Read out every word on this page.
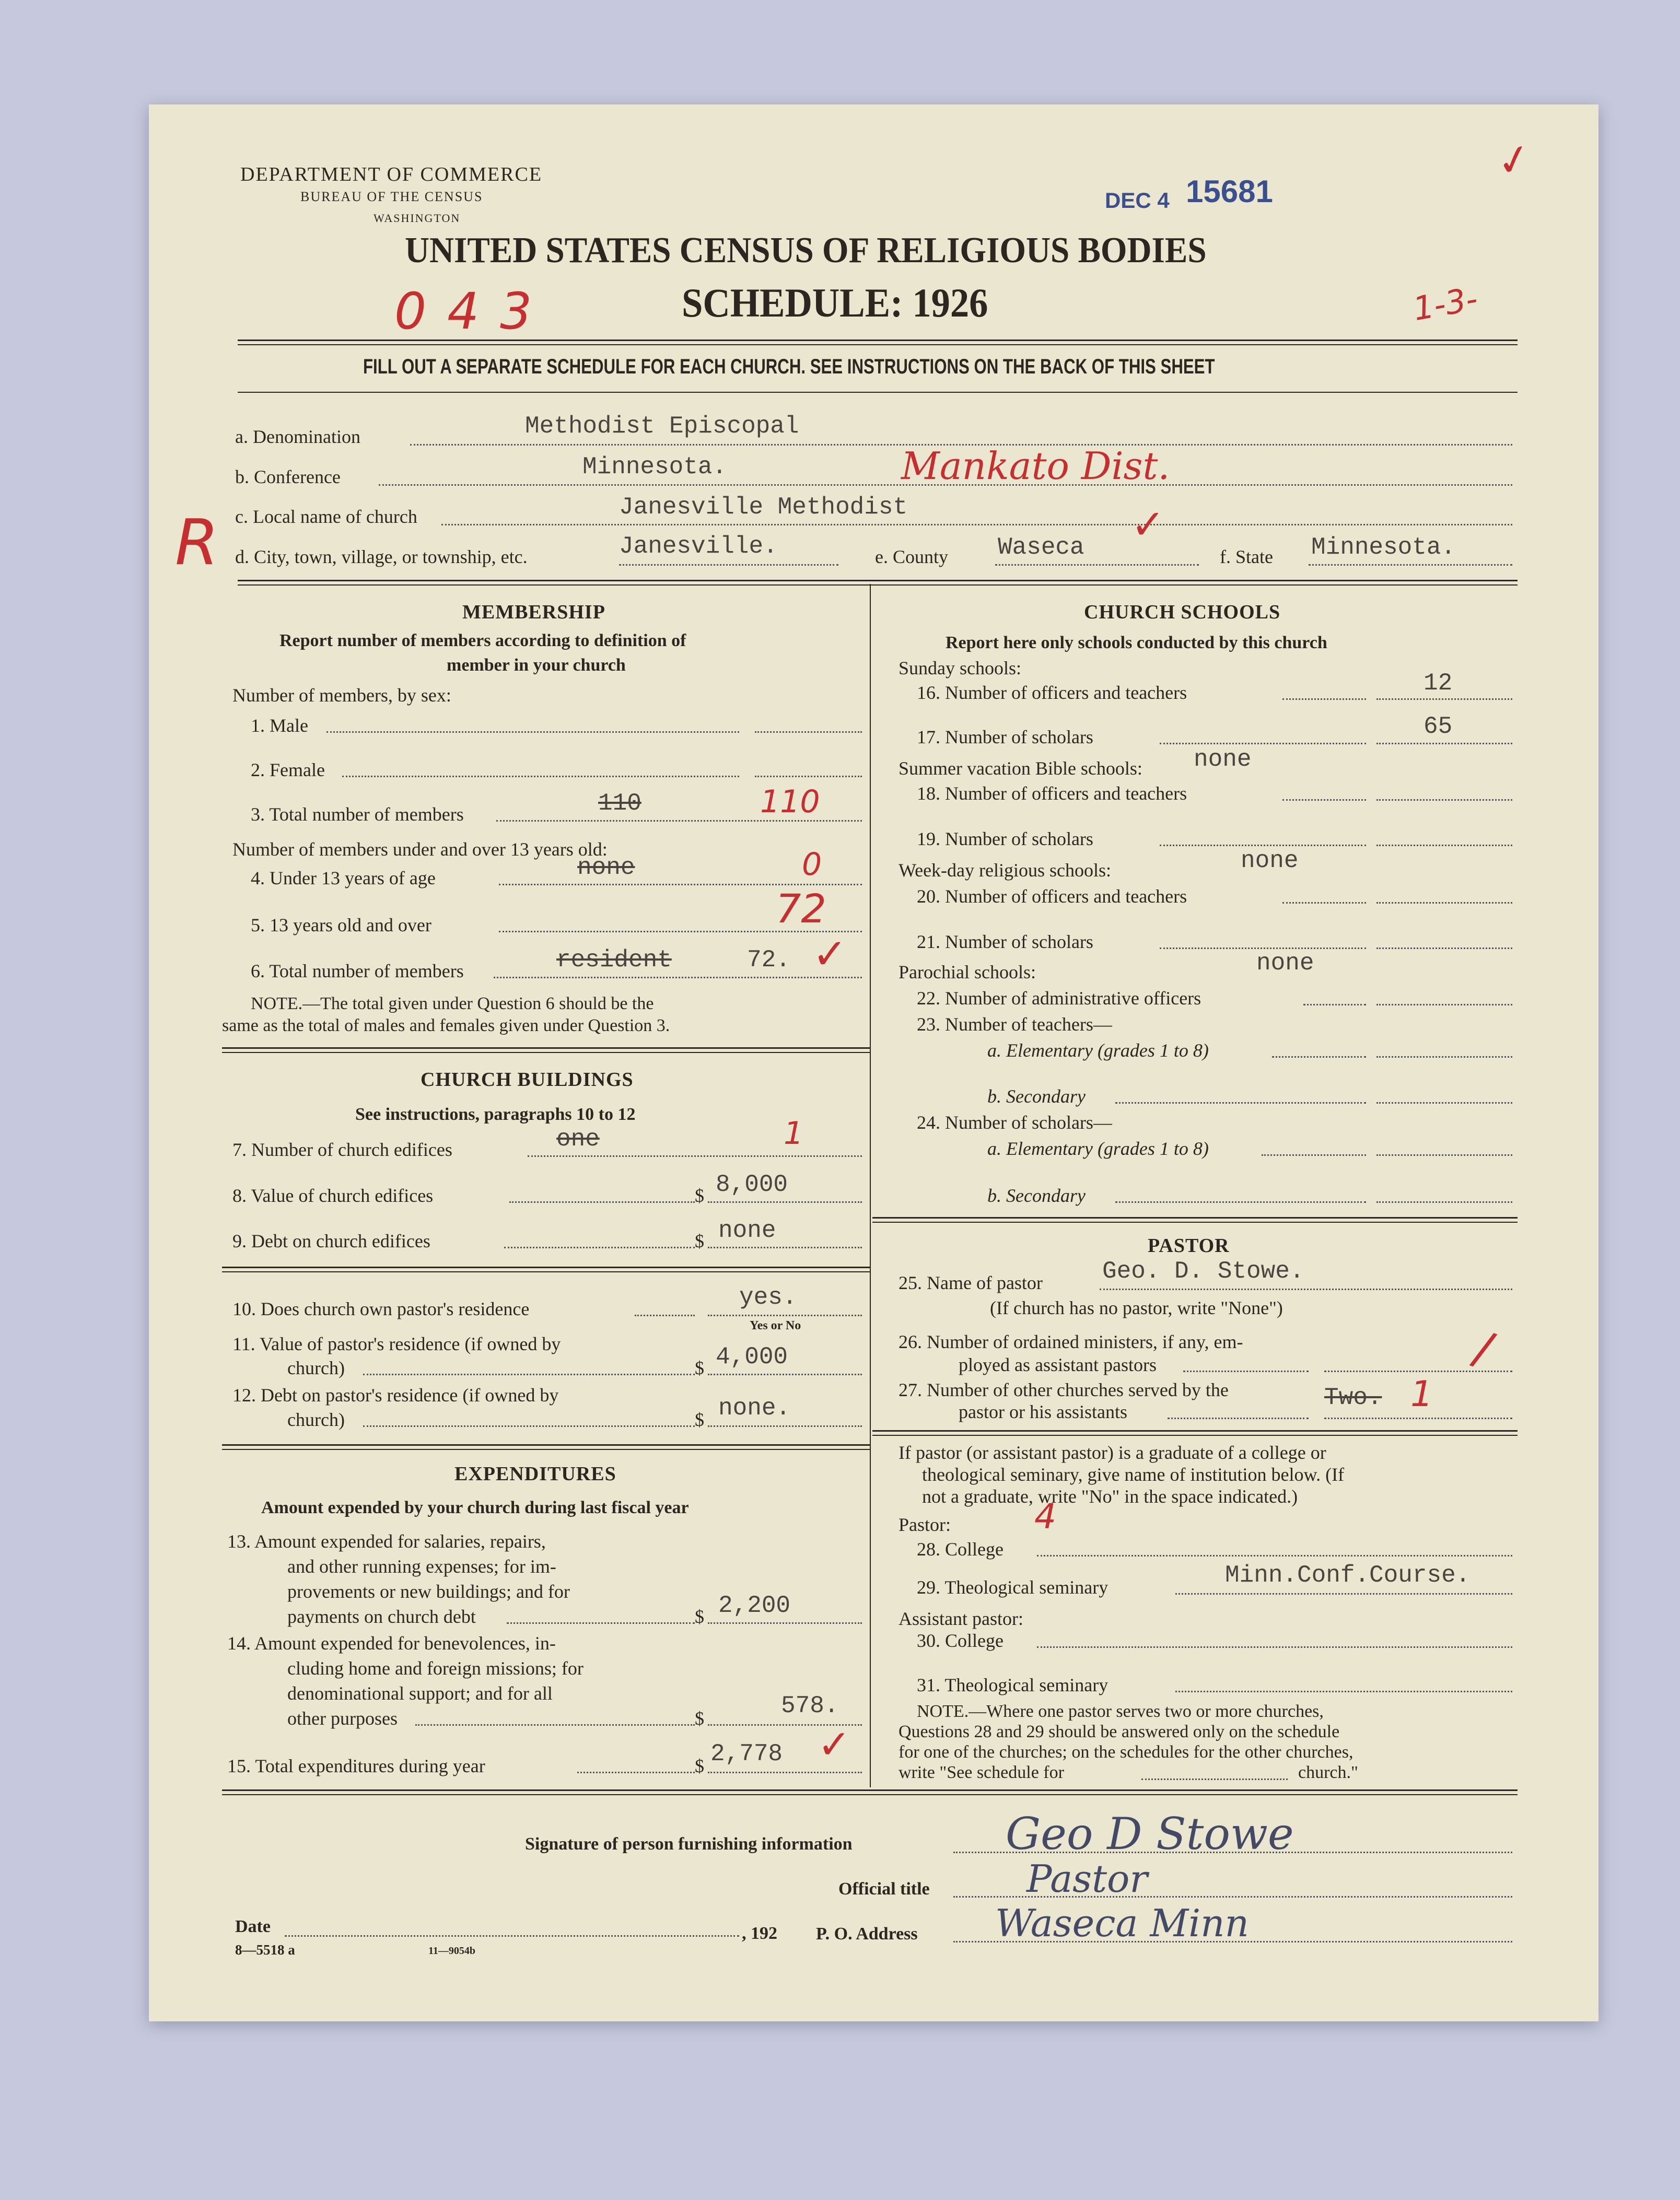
DEPARTMENT OF COMMERCE
BUREAU OF THE CENSUS
WASHINGTON
DEC 4 15681
✓
UNITED STATES CENSUS OF RELIGIOUS BODIES
SCHEDULE: 1926
043	1-3-
R
FILL OUT A SEPARATE SCHEDULE FOR EACH CHURCH. SEE INSTRUCTIONS ON THE BACK OF THIS SHEET
a. Denomination	Methodist Episcopal
b. Conference	Minnesota.	Mankato Dist.
c. Local name of church	Janesville Methodist
d. City, town, village, or township, etc.	Janesville.	e. County Waseca ✓
f. State Minnesota.
MEMBERSHIP
Report number of members according to definition of
member in your church
Number of members, by sex:
1. Male
2. Female
3. Total number of members	110	110
Number of members under and over 13 years old:
4. Under 13 years of age	none	0
5. 13 years old and over	72
6. Total number of members	resident	72. ✓
NOTE.—The total given under Question 6 should be the
same as the total of males and females given under Question 3.
CHURCH BUILDINGS
See instructions, paragraphs 10 to 12
7. Number of church edifices	one	1
8. Value of church edifices	$ 8,000
9. Debt on church edifices	$ none
10. Does church own pastor's residence	yes.
Yes or No
11. Value of pastor's residence (if owned by
church)	$ 4,000
12. Debt on pastor's residence (if owned by
church)	$ none.
EXPENDITURES
Amount expended by your church during last fiscal year
13. Amount expended for salaries, repairs,
and other running expenses; for im-
provements or new buildings; and for
payments on church debt	$ 2,200
14. Amount expended for benevolences, in-
cluding home and foreign missions; for
denominational support; and for all
other purposes	$	578.
15. Total expenditures during year	$ 2,778 ✓
CHURCH SCHOOLS
Report here only schools conducted by this church
Sunday schools:
16. Number of officers and teachers	12
17. Number of scholars	65
Summer vacation Bible schools: none
18. Number of officers and teachers
19. Number of scholars
Week-day religious schools:	none
20. Number of officers and teachers
21. Number of scholars
Parochial schools:	none
22. Number of administrative officers
23. Number of teachers—
a. Elementary (grades 1 to 8)
b. Secondary
24. Number of scholars—
a. Elementary (grades 1 to 8)
b. Secondary
PASTOR
25. Name of pastor Geo. D. Stowe.
(If church has no pastor, write "None")
26. Number of ordained ministers, if any, em-
ployed as assistant pastors
27. Number of other churches served by the
pastor or his assistants
Two. 1
/
If pastor (or assistant pastor) is a graduate of a college or
theological seminary, give name of institution below. (If
not a graduate, write "No" in the space indicated.)
Pastor: 4
28. College
29. Theological seminary	Minn.Conf.Course.
Assistant pastor:
30. College
31. Theological seminary
NOTE.—Where one pastor serves two or more churches,
Questions 28 and 29 should be answered only on the schedule
for one of the churches; on the schedules for the other churches,
write "See schedule for	church."
Signature of person furnishing information	Geo D Stowe
Official title	Pastor
Date	, 192 P. O. Address Waseca Minn
8—5518 a	11—9054b
